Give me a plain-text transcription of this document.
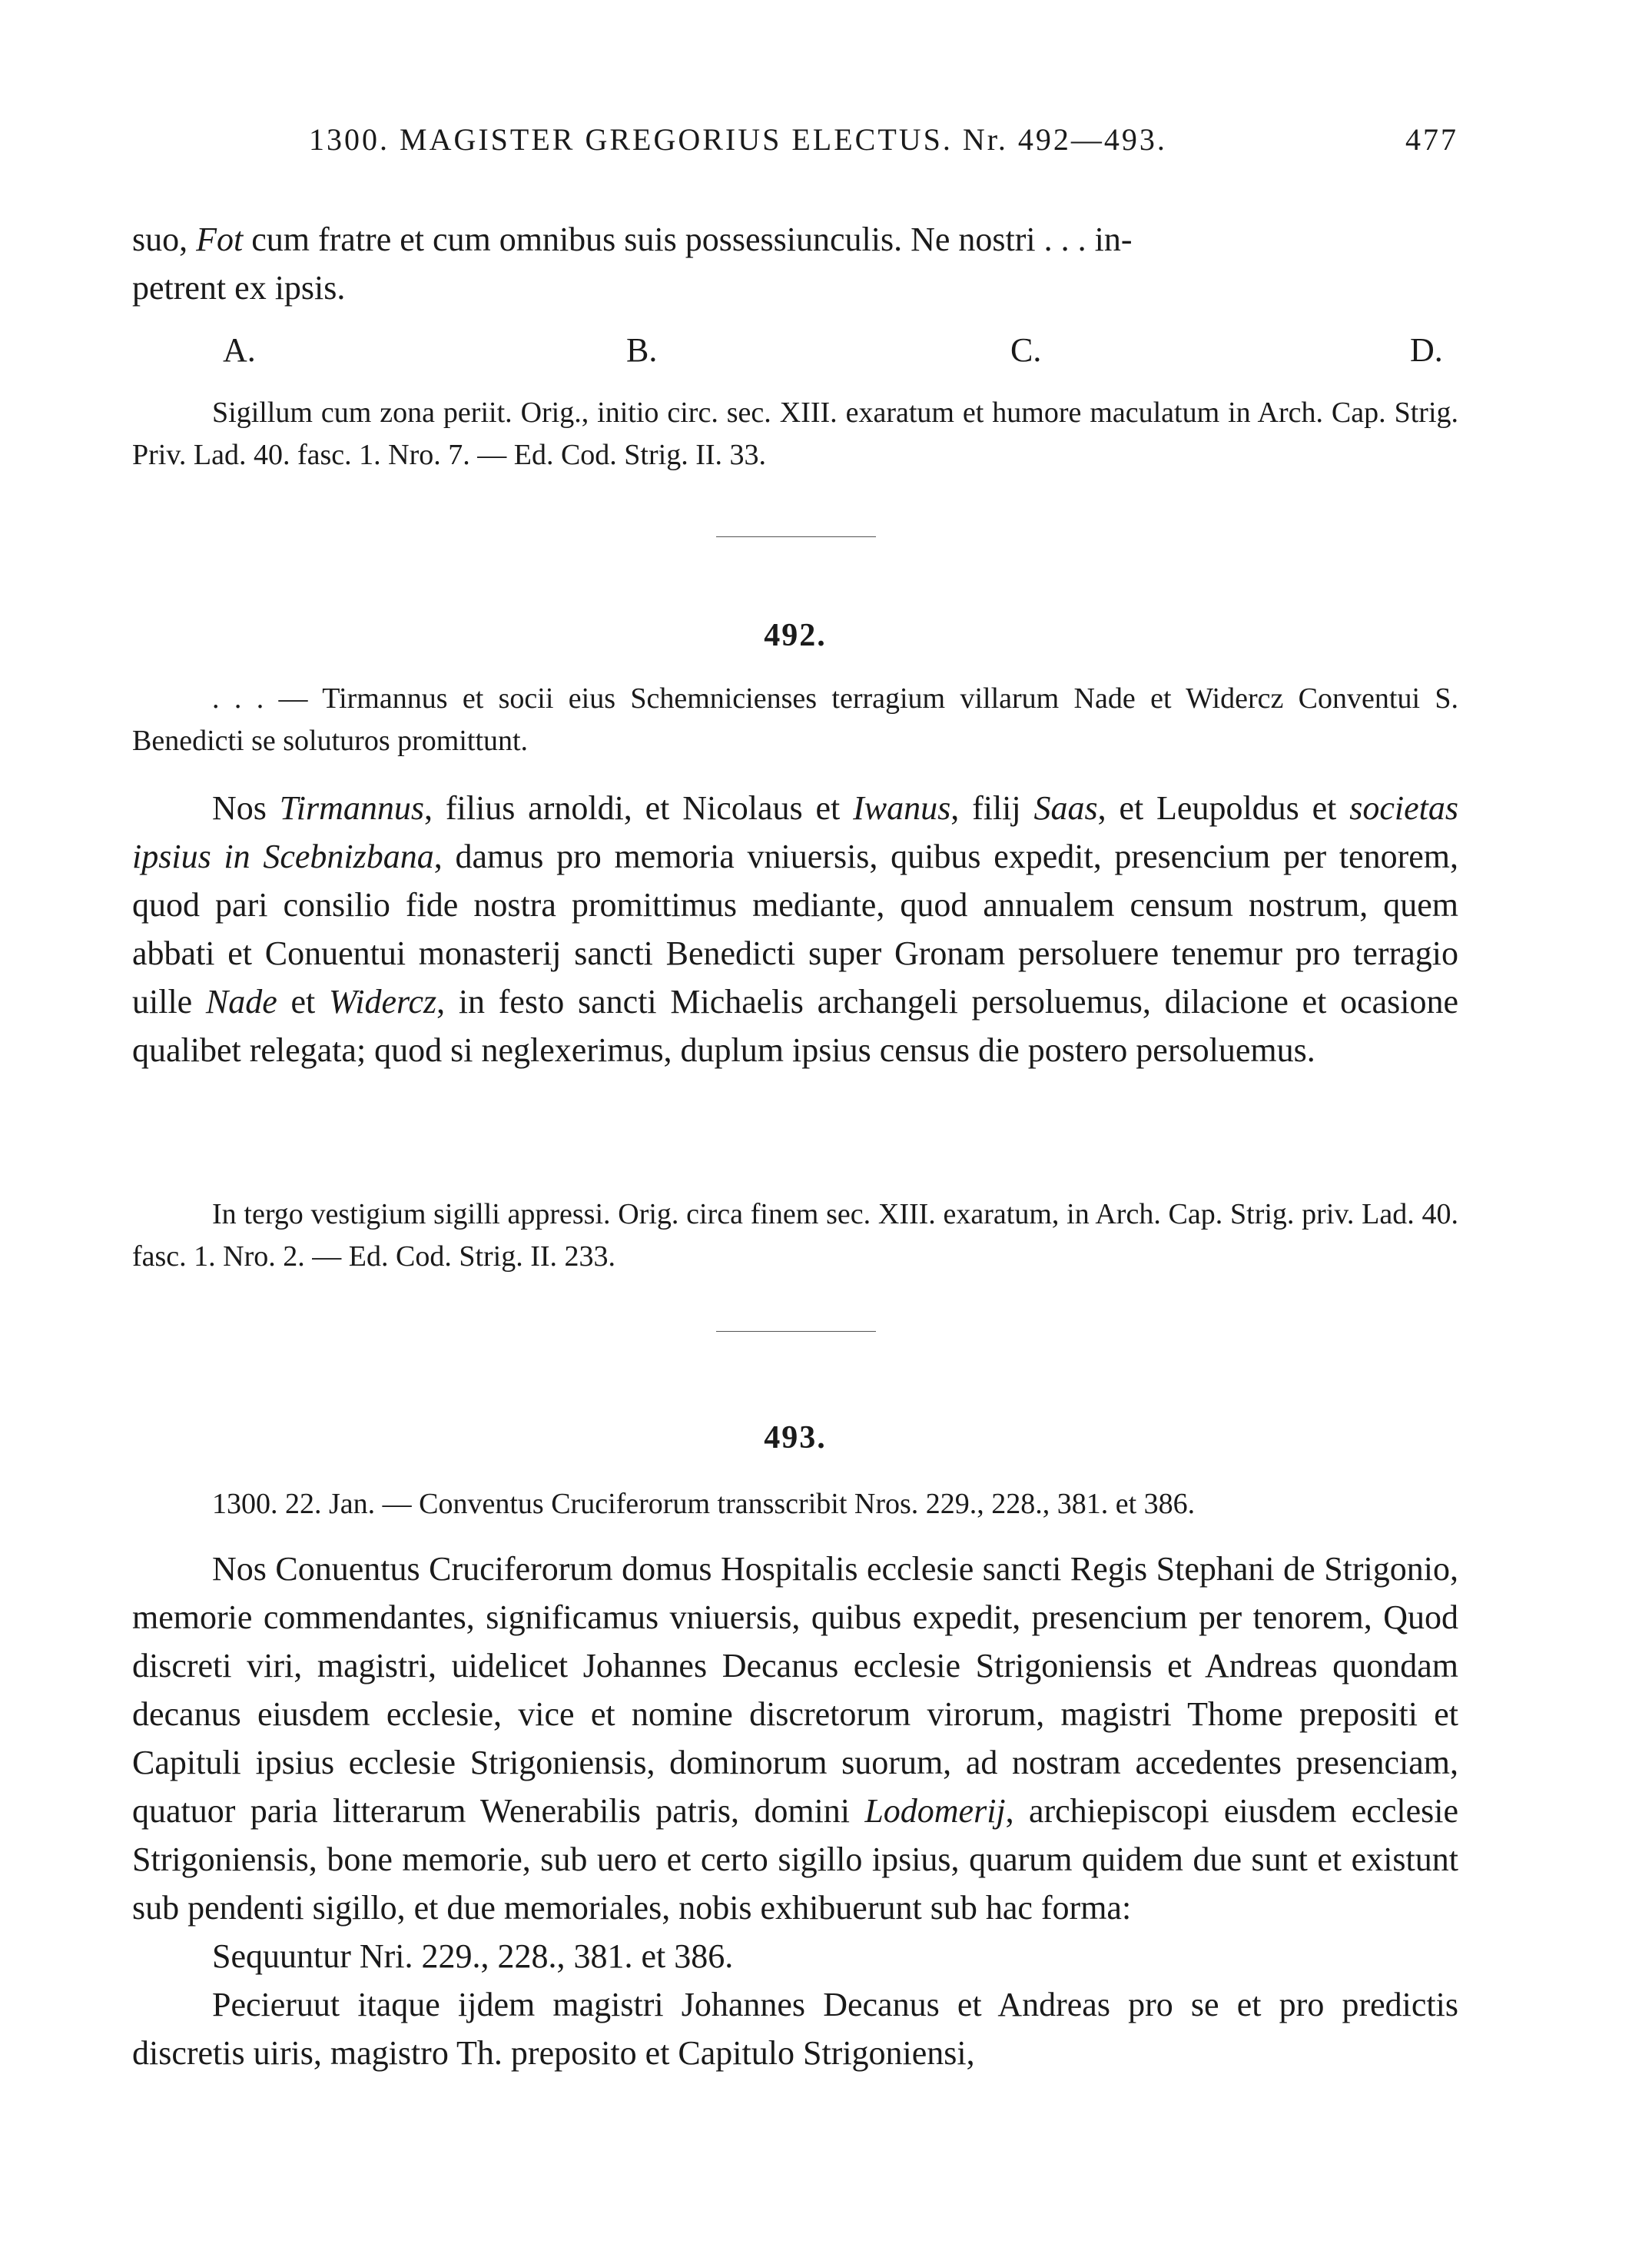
1300. MAGISTER GREGORIUS ELECTUS. Nr. 492—493.	477

suo, Fot cum fratre et cum omnibus suis possessiunculis. Ne nostri . . . in-
petrent ex ipsis.

A.	B.	C.	D.

Sigillum cum zona periit. Orig., initio circ. sec. XIII. exaratum et humore maculatum in Arch. Cap. Strig. Priv. Lad. 40. fasc. 1. Nro. 7. — Ed. Cod. Strig. II. 33.

492.

. . . — Tirmannus et socii eius Schemnicienses terragium villarum Nade et Widercz Conventui S. Benedicti se soluturos promittunt.

Nos Tirmannus, filius arnoldi, et Nicolaus et Iwanus, filij Saas, et Leupoldus et societas ipsius in Scebnizbana, damus pro memoria vniuersis, quibus expedit, presencium per tenorem, quod pari consilio fide nostra promittimus mediante, quod annualem censum nostrum, quem abbati et Conuentui monasterij sancti Benedicti super Gronam persoluere tenemur pro terragio uille Nade et Widercz, in festo sancti Michaelis archangeli persoluemus, dilacione et ocasione qualibet relegata; quod si neglexerimus, duplum ipsius census die postero persoluemus.

In tergo vestigium sigilli appressi. Orig. circa finem sec. XIII. exaratum, in Arch. Cap. Strig. priv. Lad. 40. fasc. 1. Nro. 2. — Ed. Cod. Strig. II. 233.

493.

1300. 22. Jan. — Conventus Cruciferorum transscribit Nros. 229., 228., 381. et 386.

Nos Conuentus Cruciferorum domus Hospitalis ecclesie sancti Regis Stephani de Strigonio, memorie commendantes, significamus vniuersis, quibus expedit, presencium per tenorem, Quod discreti viri, magistri, uidelicet Johannes Decanus ecclesie Strigoniensis et Andreas quondam decanus eiusdem ecclesie, vice et nomine discretorum virorum, magistri Thome prepositi et Capituli ipsius ecclesie Strigoniensis, dominorum suorum, ad nostram accedentes presenciam, quatuor paria litterarum Wenerabilis patris, domini Lodomerij, archiepiscopi eiusdem ecclesie Strigoniensis, bone memorie, sub uero et certo sigillo ipsius, quarum quidem due sunt et existunt sub pendenti sigillo, et due memoriales, nobis exhibuerunt sub hac forma:

Sequuntur Nri. 229., 228., 381. et 386.

Pecieruut itaque ijdem magistri Johannes Decanus et Andreas pro se et pro predictis discretis uiris, magistro Th. preposito et Capitulo Strigoniensi,
